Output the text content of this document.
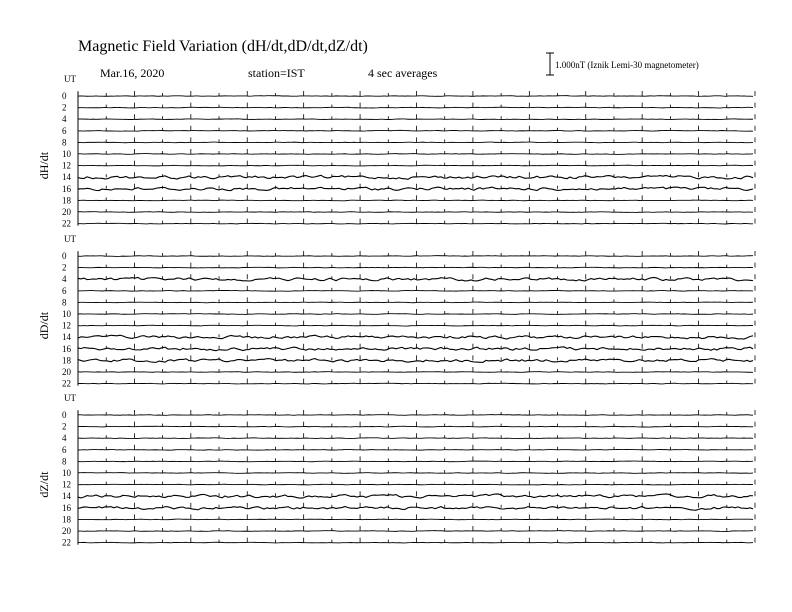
Magnetic Field Variation (dH/dt,dD/dt,dZ/dt)
Mar.16, 2020	station=IST	4 sec averages
1.000nT (Iznik Lemi-30 magnetometer)
UT
dH/dt
0
2
4
6
8
10
12
14
16
18
20
22
UT
dD/dt
0
2
4
6
8
10
12
14
16
18
20
22
UT
dZ/dt
0
2
4
6
8
10
12
14
16
18
20
22
